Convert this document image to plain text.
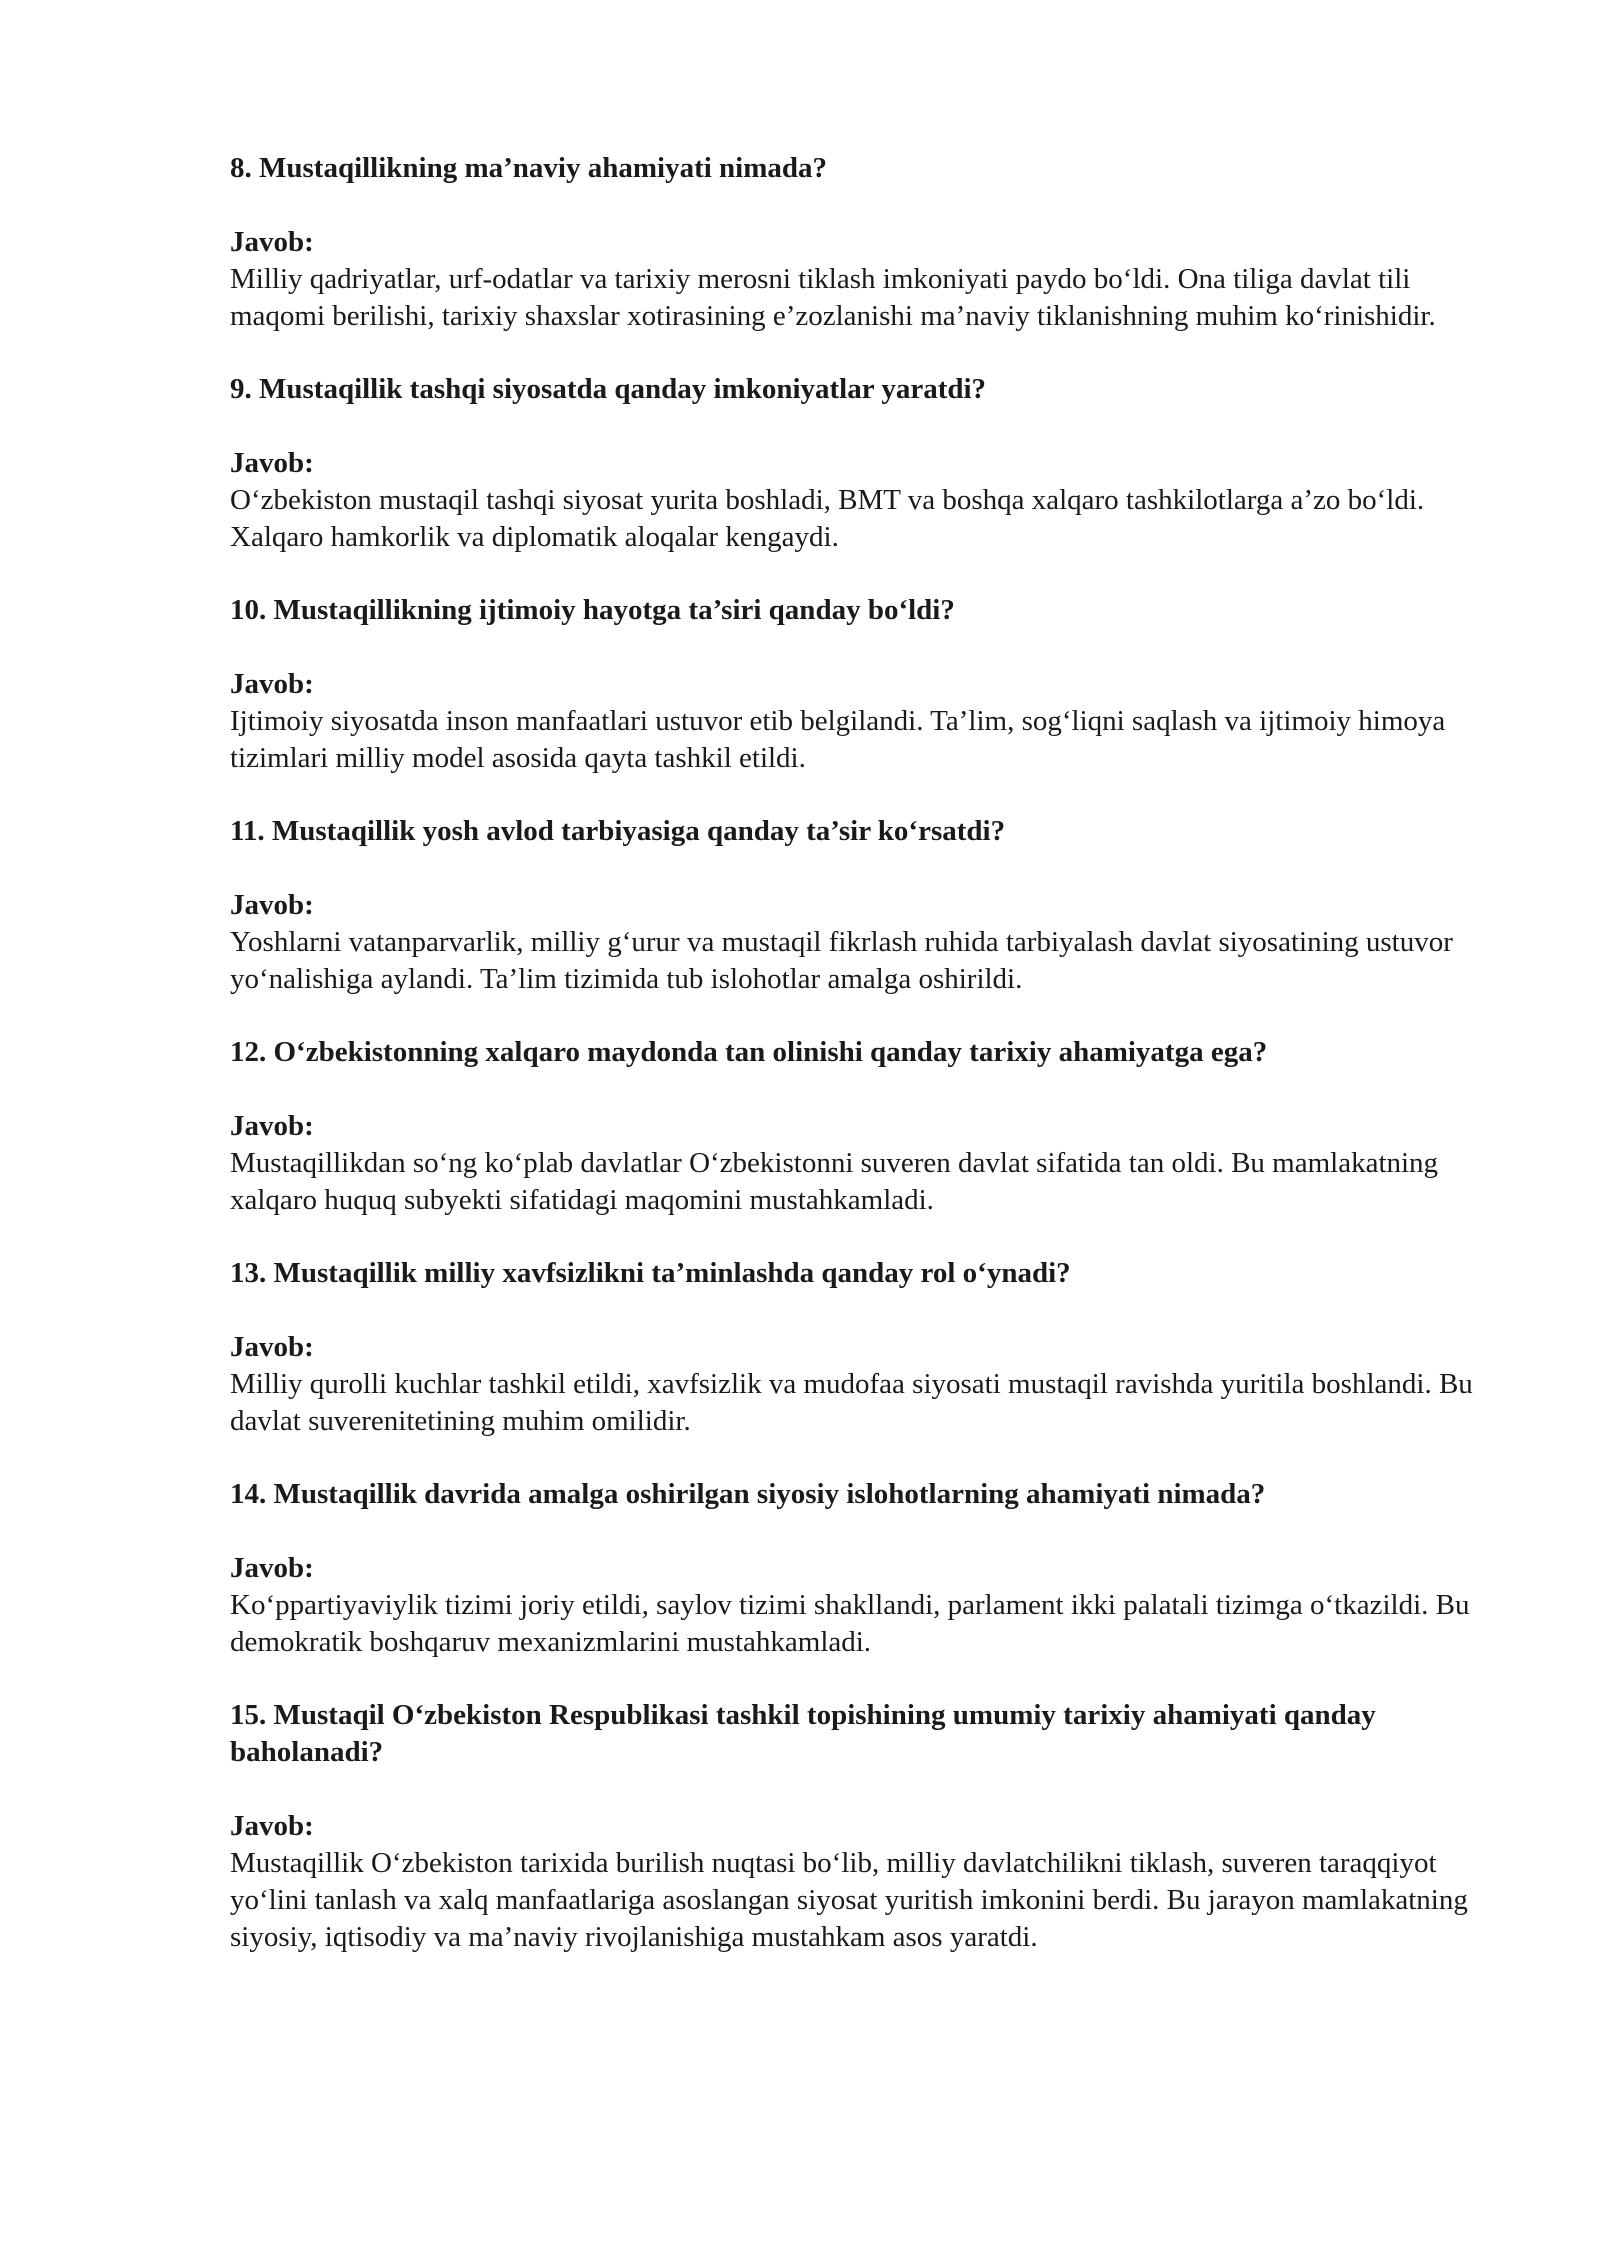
8. Mustaqillikning ma’naviy ahamiyati nimada?

Javob:

Milliy qadriyatlar, urf-odatlar va tarixiy merosni tiklash imkoniyati paydo bo‘ldi. Ona tiliga davlat tili maqomi berilishi, tarixiy shaxslar xotirasining e’zozlanishi ma’naviy tiklanishning muhim ko‘rinishidir.

9. Mustaqillik tashqi siyosatda qanday imkoniyatlar yaratdi?

Javob:

O‘zbekiston mustaqil tashqi siyosat yurita boshladi, BMT va boshqa xalqaro tashkilotlarga a’zo bo‘ldi. Xalqaro hamkorlik va diplomatik aloqalar kengaydi.

10. Mustaqillikning ijtimoiy hayotga ta’siri qanday bo‘ldi?

Javob:

Ijtimoiy siyosatda inson manfaatlari ustuvor etib belgilandi. Ta’lim, sog‘liqni saqlash va ijtimoiy himoya tizimlari milliy model asosida qayta tashkil etildi.

11. Mustaqillik yosh avlod tarbiyasiga qanday ta’sir ko‘rsatdi?

Javob:

Yoshlarni vatanparvarlik, milliy g‘urur va mustaqil fikrlash ruhida tarbiyalash davlat siyosatining ustuvor yo‘nalishiga aylandi. Ta’lim tizimida tub islohotlar amalga oshirildi.

12. O‘zbekistonning xalqaro maydonda tan olinishi qanday tarixiy ahamiyatga ega?

Javob:

Mustaqillikdan so‘ng ko‘plab davlatlar O‘zbekistonni suveren davlat sifatida tan oldi. Bu mamlakatning xalqaro huquq subyekti sifatidagi maqomini mustahkamladi.

13. Mustaqillik milliy xavfsizlikni ta’minlashda qanday rol o‘ynadi?

Javob:

Milliy qurolli kuchlar tashkil etildi, xavfsizlik va mudofaa siyosati mustaqil ravishda yuritila boshlandi. Bu davlat suverenitetining muhim omilidir.

14. Mustaqillik davrida amalga oshirilgan siyosiy islohotlarning ahamiyati nimada?

Javob:

Ko‘ppartiyaviylik tizimi joriy etildi, saylov tizimi shakllandi, parlament ikki palatali tizimga o‘tkazildi. Bu demokratik boshqaruv mexanizmlarini mustahkamladi.

15. Mustaqil O‘zbekiston Respublikasi tashkil topishining umumiy tarixiy ahamiyati qanday baholanadi?

Javob:

Mustaqillik O‘zbekiston tarixida burilish nuqtasi bo‘lib, milliy davlatchilikni tiklash, suveren taraqqiyot yo‘lini tanlash va xalq manfaatlariga asoslangan siyosat yuritish imkonini berdi. Bu jarayon mamlakatning siyosiy, iqtisodiy va ma’naviy rivojlanishiga mustahkam asos yaratdi.
